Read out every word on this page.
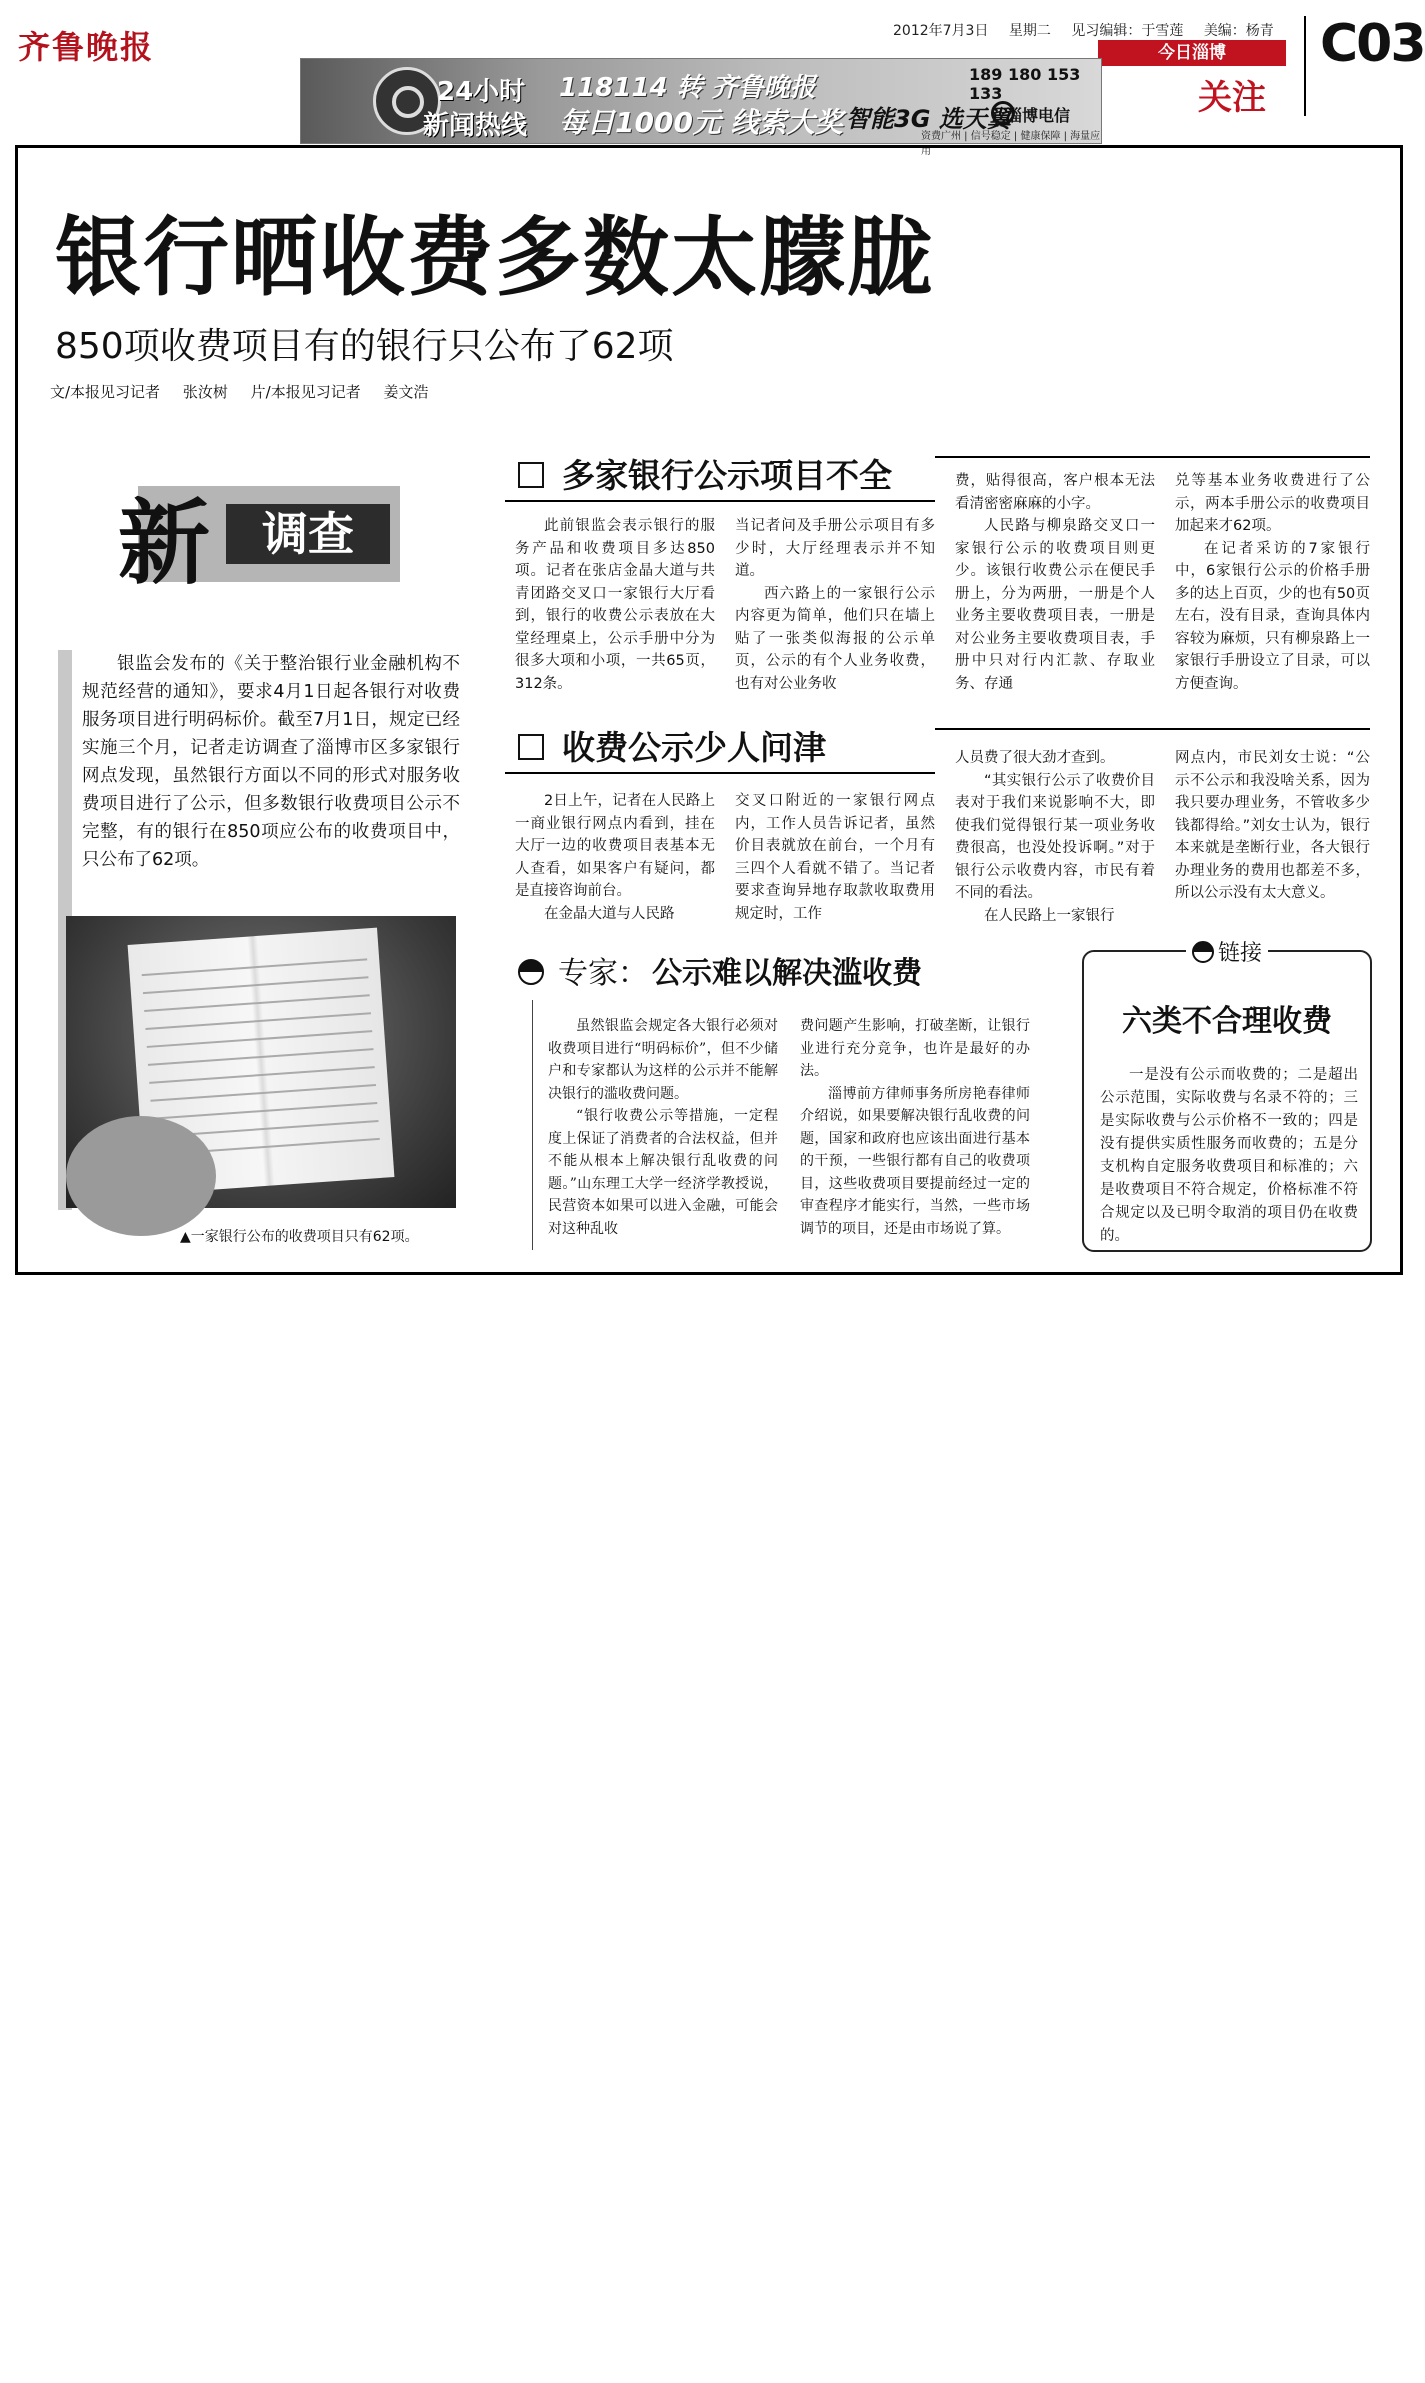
齐鲁晚报	2012年7月3日 星期二 见习编辑：于雪莲 美编：杨青 C03
今日淄博
关注
24小时
新闻热线
118114 转 齐鲁晚报
每日1000元 线索大奖
189 180 153 133
智能3G 选天翼
淄博电信
资费广州 | 信号稳定 | 健康保障 | 海量应用
银行晒收费多数太朦胧
850项收费项目有的银行只公布了62项
文/本报见习记者 张汝树 片/本报见习记者 姜文浩
新	调查
银监会发布的《关于整治银行业金融机构不规范经营的通知》，要求4月1日起各银行对收费服务项目进行明码标价。截至7月1日，规定已经实施三个月，记者走访调查了淄博市区多家银行网点发现，虽然银行方面以不同的形式对服务收费项目进行了公示，但多数银行收费项目公示不完整，有的银行在850项应公布的收费项目中，只公布了62项。
▲一家银行公布的收费项目只有62项。
多家银行公示项目不全

此前银监会表示银行的服务产品和收费项目多达850项。记者在张店金晶大道与共青团路交叉口一家银行大厅看到，银行的收费公示表放在大堂经理桌上，公示手册中分为很多大项和小项，一共65页，312条。

当记者问及手册公示项目有多少时，大厅经理表示并不知道。

西六路上的一家银行公示内容更为简单，他们只在墙上贴了一张类似海报的公示单页，公示的有个人业务收费，也有对公业务收

费，贴得很高，客户根本无法看清密密麻麻的小字。

人民路与柳泉路交叉口一家银行公示的收费项目则更少。该银行收费公示在便民手册上，分为两册，一册是个人业务主要收费项目表，一册是对公业务主要收费项目表，手册中只对行内汇款、存取业务、存通

兑等基本业务收费进行了公示，两本手册公示的收费项目加起来才62项。

在记者采访的7家银行中，6家银行公示的价格手册多的达上百页，少的也有50页左右，没有目录，查询具体内容较为麻烦，只有柳泉路上一家银行手册设立了目录，可以方便查询。

收费公示少人问津

2日上午，记者在人民路上一商业银行网点内看到，挂在大厅一边的收费项目表基本无人查看，如果客户有疑问，都是直接咨询前台。

在金晶大道与人民路

交叉口附近的一家银行网点内，工作人员告诉记者，虽然价目表就放在前台，一个月有三四个人看就不错了。当记者要求查询异地存取款收取费用规定时，工作

人员费了很大劲才查到。

“其实银行公示了收费价目表对于我们来说影响不大，即使我们觉得银行某一项业务收费很高，也没处投诉啊。”对于银行公示收费内容，市民有着不同的看法。

在人民路上一家银行

网点内，市民刘女士说：“公示不公示和我没啥关系，因为我只要办理业务，不管收多少钱都得给。”刘女士认为，银行本来就是垄断行业，各大银行办理业务的费用也都差不多，所以公示没有太大意义。

专家： 公示难以解决滥收费

虽然银监会规定各大银行必须对收费项目进行“明码标价”，但不少储户和专家都认为这样的公示并不能解决银行的滥收费问题。

“银行收费公示等措施，一定程度上保证了消费者的合法权益，但并不能从根本上解决银行乱收费的问题。”山东理工大学一经济学教授说，民营资本如果可以进入金融，可能会对这种乱收

费问题产生影响，打破垄断，让银行业进行充分竞争，也许是最好的办法。

淄博前方律师事务所房艳春律师介绍说，如果要解决银行乱收费的问题，国家和政府也应该出面进行基本的干预，一些银行都有自己的收费项目，这些收费项目要提前经过一定的审查程序才能实行，当然，一些市场调节的项目，还是由市场说了算。

链接
六类不合理收费
一是没有公示而收费的；二是超出公示范围，实际收费与名录不符的；三是实际收费与公示价格不一致的；四是没有提供实质性服务而收费的；五是分支机构自定服务收费项目和标准的；六是收费项目不符合规定，价格标准不符合规定以及已明令取消的项目仍在收费的。
